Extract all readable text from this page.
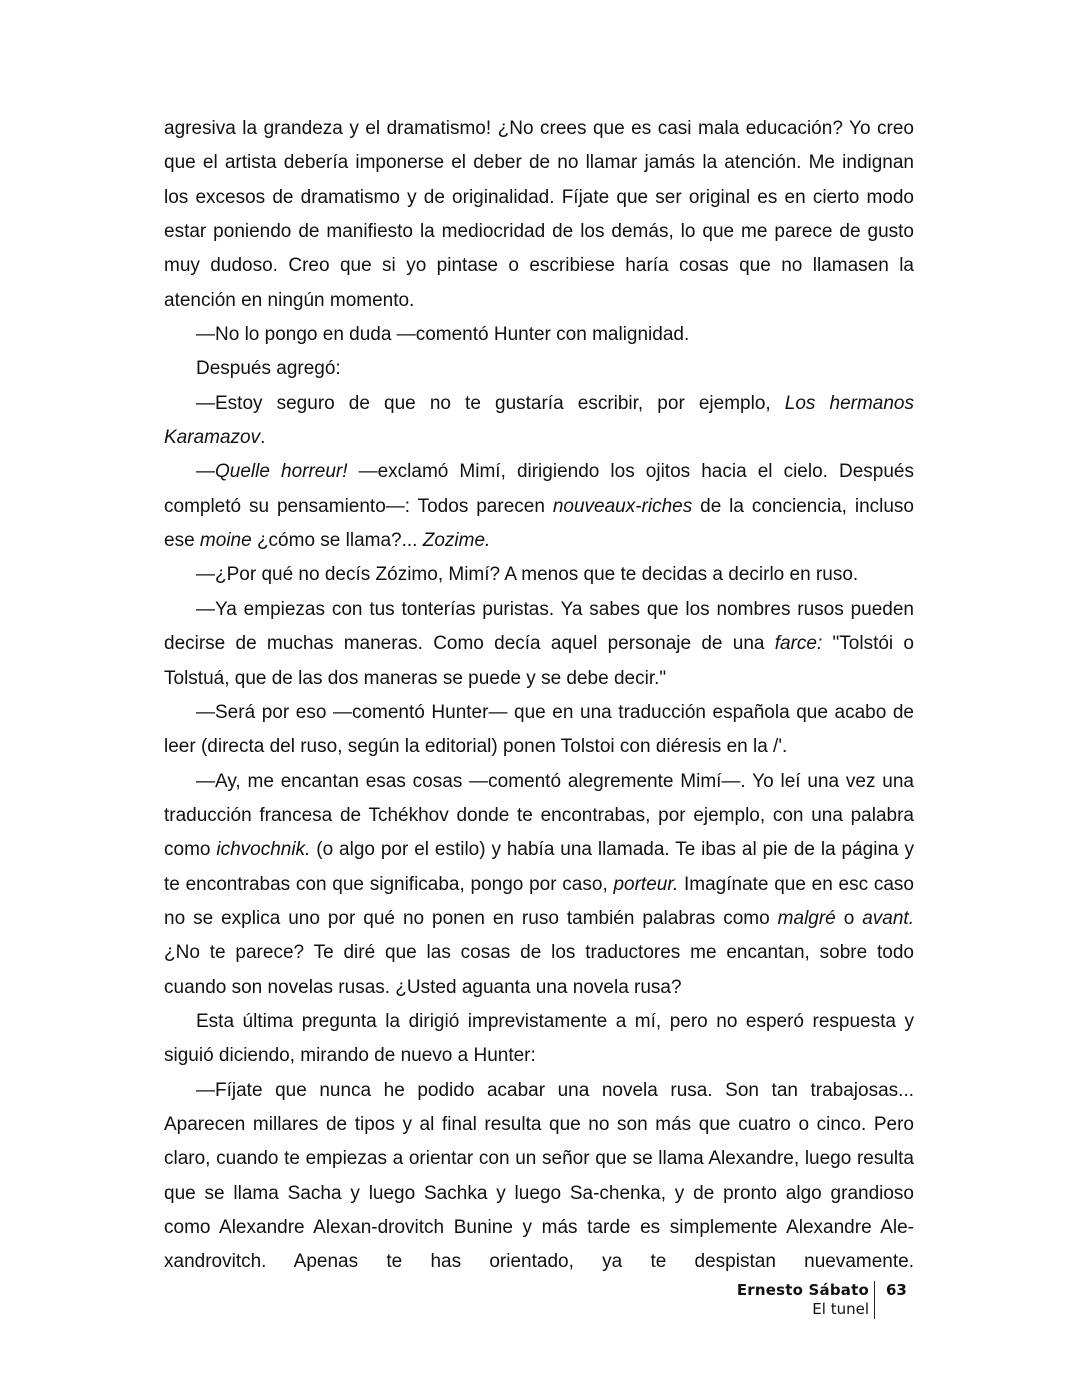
agresiva la grandeza y el dramatismo! ¿No crees que es casi mala educación? Yo creo que el artista debería imponerse el deber de no llamar jamás la atención. Me indignan los excesos de dramatismo y de originalidad. Fíjate que ser original es en cierto modo estar poniendo de manifiesto la mediocridad de los demás, lo que me parece de gusto muy dudoso. Creo que si yo pintase o escribiese haría cosas que no llamasen la atención en ningún momento.

—No lo pongo en duda —comentó Hunter con malignidad.

Después agregó:

—Estoy seguro de que no te gustaría escribir, por ejemplo, Los hermanos Karamazov.

—Quelle horreur! —exclamó Mimí, dirigiendo los ojitos hacia el cielo. Después completó su pensamiento—: Todos parecen nouveaux-riches de la conciencia, incluso ese moine ¿cómo se llama?... Zozime.

—¿Por qué no decís Zózimo, Mimí? A menos que te decidas a decirlo en ruso.

—Ya empiezas con tus tonterías puristas. Ya sabes que los nombres rusos pueden decirse de muchas maneras. Como decía aquel personaje de una farce: "Tolstói o Tolstuá, que de las dos maneras se puede y se debe decir."

—Será por eso —comentó Hunter— que en una traducción española que acabo de leer (directa del ruso, según la editorial) ponen Tolstoi con diéresis en la /'.

—Ay, me encantan esas cosas —comentó alegremente Mimí—. Yo leí una vez una traducción francesa de Tchékhov donde te encontrabas, por ejemplo, con una palabra como ichvochnik. (o algo por el estilo) y había una llamada. Te ibas al pie de la página y te encontrabas con que significaba, pongo por caso, porteur. Imagínate que en esc caso no se explica uno por qué no ponen en ruso también palabras como malgré o avant. ¿No te parece? Te diré que las cosas de los traductores me encantan, sobre todo cuando son novelas rusas. ¿Usted aguanta una novela rusa?

Esta última pregunta la dirigió imprevistamente a mí, pero no esperó respuesta y siguió diciendo, mirando de nuevo a Hunter:

—Fíjate que nunca he podido acabar una novela rusa. Son tan trabajosas... Aparecen millares de tipos y al final resulta que no son más que cuatro o cinco. Pero claro, cuando te empiezas a orientar con un señor que se llama Alexandre, luego resulta que se llama Sacha y luego Sachka y luego Sa-chenka, y de pronto algo grandioso como Alexandre Alexan-drovitch Bunine y más tarde es simplemente Alexandre Ale-xandrovitch. Apenas te has orientado, ya te despistan nuevamente.

Ernesto Sábato
El tunel
63
